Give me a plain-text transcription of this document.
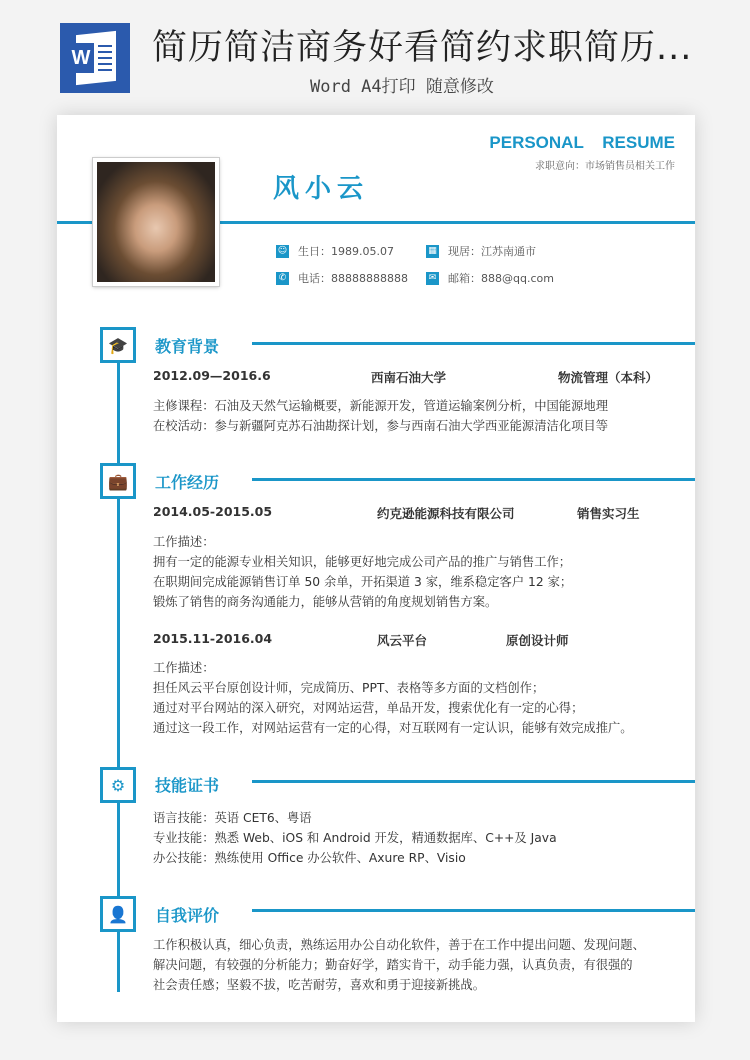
W 简历简洁商务好看简约求职简历...
Word A4打印 随意修改
PERSONAL RESUME
求职意向：市场销售员相关工作
风小云
☺ 生日：1989.05.07	▦ 现居：江苏南通市
✆ 电话：88888888888	✉ 邮箱：888@qq.com
🎓 教育背景
2012.09—2016.6	西南石油大学	物流管理（本科）
主修课程：石油及天然气运输概要，新能源开发，管道运输案例分析，中国能源地理
在校活动：参与新疆阿克苏石油勘探计划，参与西南石油大学西亚能源清洁化项目等
💼 工作经历
2014.05-2015.05	约克逊能源科技有限公司	销售实习生
工作描述：
拥有一定的能源专业相关知识，能够更好地完成公司产品的推广与销售工作；
在职期间完成能源销售订单 50 余单，开拓渠道 3 家，维系稳定客户 12 家；
锻炼了销售的商务沟通能力，能够从营销的角度规划销售方案。
2015.11-2016.04	风云平台	原创设计师
工作描述：
担任风云平台原创设计师，完成简历、PPT、表格等多方面的文档创作；
通过对平台网站的深入研究，对网站运营，单品开发，搜索优化有一定的心得；
通过这一段工作，对网站运营有一定的心得，对互联网有一定认识，能够有效完成推广。
⚙ 技能证书
语言技能：英语 CET6、粤语
专业技能：熟悉 Web、iOS 和 Android 开发，精通数据库、C++及 Java
办公技能：熟练使用 Office 办公软件、Axure RP、Visio
👤 自我评价
工作积极认真，细心负责，熟练运用办公自动化软件，善于在工作中提出问题、发现问题、
解决问题，有较强的分析能力；勤奋好学，踏实肯干，动手能力强，认真负责，有很强的
社会责任感；坚毅不拔，吃苦耐劳，喜欢和勇于迎接新挑战。
